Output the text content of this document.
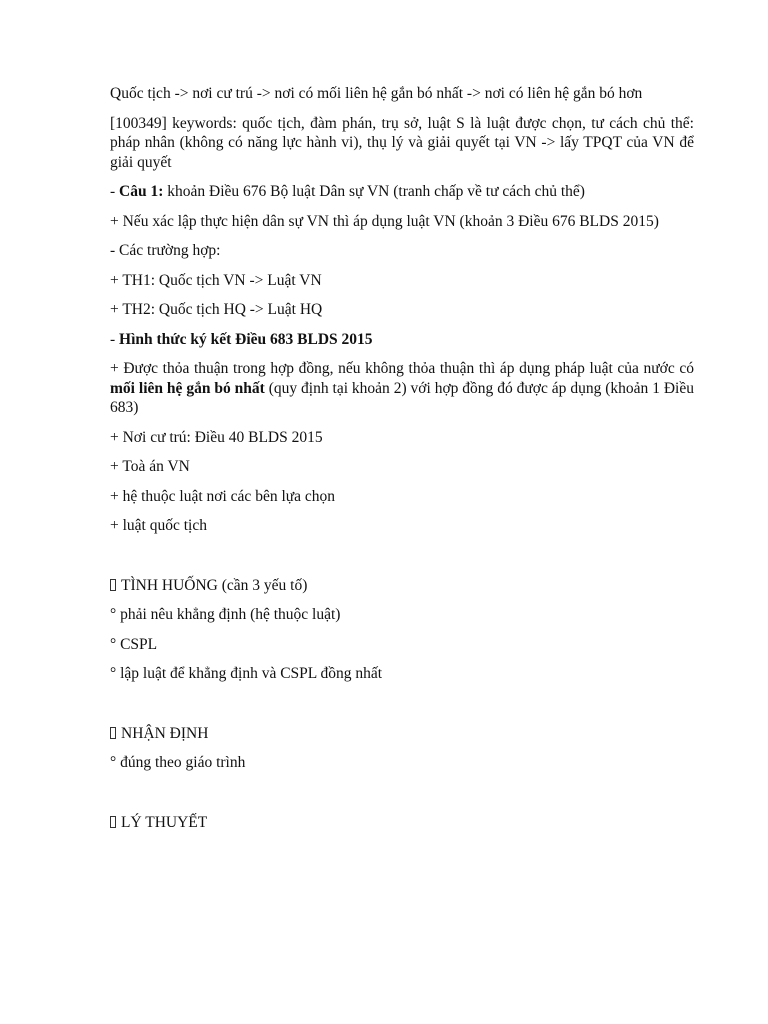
Quốc tịch -> nơi cư trú -> nơi có mối liên hệ gắn bó nhất -> nơi có liên hệ gắn bó hơn

[100349] keywords: quốc tịch, đàm phán, trụ sở, luật S là luật được chọn, tư cách chủ thể: pháp nhân (không có năng lực hành vi), thụ lý và giải quyết tại VN -> lấy TPQT của VN để giải quyết

- Câu 1: khoản Điều 676 Bộ luật Dân sự VN (tranh chấp về tư cách chủ thể)

+ Nếu xác lập thực hiện dân sự VN thì áp dụng luật VN (khoản 3 Điều 676 BLDS 2015)

- Các trường hợp:

+ TH1: Quốc tịch VN -> Luật VN

+ TH2: Quốc tịch HQ -> Luật HQ

- Hình thức ký kết Điều 683 BLDS 2015

+ Được thỏa thuận trong hợp đồng, nếu không thỏa thuận thì áp dụng pháp luật của nước có mối liên hệ gắn bó nhất (quy định tại khoản 2) với hợp đồng đó được áp dụng (khoản 1 Điều 683)

+ Nơi cư trú: Điều 40 BLDS 2015

+ Toà án VN

+ hệ thuộc luật nơi các bên lựa chọn

+ luật quốc tịch

TÌNH HUỐNG (cần 3 yếu tố)

° phải nêu khẳng định (hệ thuộc luật)

° CSPL

° lập luật để khẳng định và CSPL đồng nhất

NHẬN ĐỊNH

° đúng theo giáo trình

LÝ THUYẾT
